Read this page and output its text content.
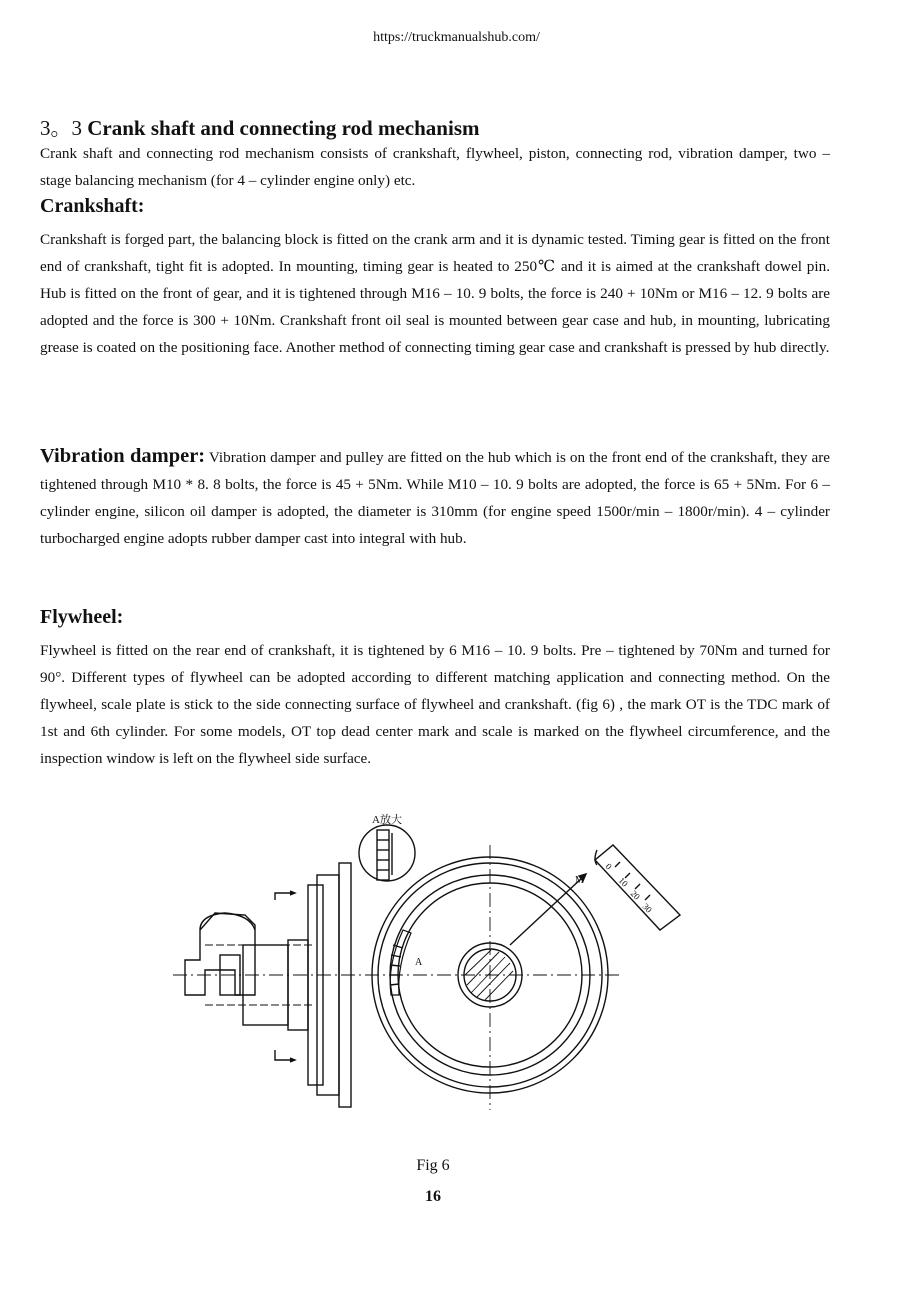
https://truckmanualshub.com/
3。3 Crank shaft and connecting rod mechanism

Crank shaft and connecting rod mechanism consists of crankshaft, flywheel, piston, connecting rod, vibration damper, two – stage balancing mechanism (for 4 – cylinder engine only) etc.

Crankshaft:

Crankshaft is forged part, the balancing block is fitted on the crank arm and it is dynamic tested. Timing gear is fitted on the front end of crankshaft, tight fit is adopted. In mounting, timing gear is heated to 250℃ and it is aimed at the crankshaft dowel pin. Hub is fitted on the front of gear, and it is tightened through M16 – 10. 9 bolts, the force is 240 + 10Nm or M16 – 12. 9 bolts are adopted and the force is 300 + 10Nm. Crankshaft front oil seal is mounted between gear case and hub, in mounting, lubricating grease is coated on the positioning face. Another method of connecting timing gear case and crankshaft is pressed by hub directly.

Vibration damper: Vibration damper and pulley are fitted on the hub which is on the front end of the crankshaft, they are tightened through M10 * 8. 8 bolts, the force is 45 + 5Nm. While M10 – 10. 9 bolts are adopted, the force is 65 + 5Nm. For 6 – cylinder engine, silicon oil damper is adopted, the diameter is 310mm (for engine speed 1500r/min – 1800r/min). 4 – cylinder turbocharged engine adopts rubber damper cast into integral with hub.

Flywheel:

Flywheel is fitted on the rear end of crankshaft, it is tightened by 6 M16 – 10. 9 bolts. Pre – tightened by 70Nm and turned for 90°. Different types of flywheel can be adopted according to different matching application and connecting method. On the flywheel, scale plate is stick to the side connecting surface of flywheel and crankshaft. (fig 6) , the mark OT is the TDC mark of 1st and 6th cylinder. For some models, OT top dead center mark and scale is marked on the flywheel circumference, and the inspection window is left on the flywheel side surface.

A放大
A
M
0
10
20
30
Fig 6
16
